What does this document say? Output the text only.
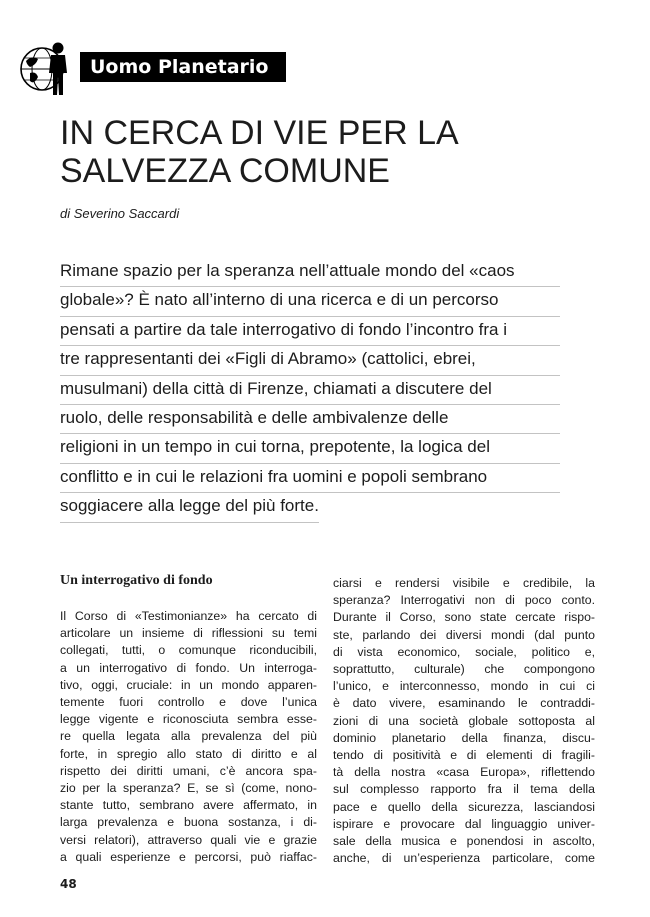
Uomo Planetario
IN CERCA DI VIE PER LA
SALVEZZA COMUNE
di Severino Saccardi
Rimane spazio per la speranza nell’attuale mondo del «caos
globale»? È nato all’interno di una ricerca e di un percorso
pensati a partire da tale interrogativo di fondo l’incontro fra i
tre rappresentanti dei «Figli di Abramo» (cattolici, ebrei,
musulmani) della città di Firenze, chiamati a discutere del
ruolo, delle responsabilità e delle ambivalenze delle
religioni in un tempo in cui torna, prepotente, la logica del
conflitto e in cui le relazioni fra uomini e popoli sembrano
soggiacere alla legge del più forte.
Un interrogativo di fondo
Il Corso di «Testimonianze» ha cercato di
articolare un insieme di riflessioni su temi
collegati, tutti, o comunque riconducibili,
a un interrogativo di fondo. Un interroga-
tivo, oggi, cruciale: in un mondo apparen-
temente fuori controllo e dove l’unica
legge vigente e riconosciuta sembra esse-
re quella legata alla prevalenza del più
forte, in spregio allo stato di diritto e al
rispetto dei diritti umani, c’è ancora spa-
zio per la speranza? E, se sì (come, nono-
stante tutto, sembrano avere affermato, in
larga prevalenza e buona sostanza, i di-
versi relatori), attraverso quali vie e grazie
a quali esperienze e percorsi, può riaffac-
ciarsi e rendersi visibile e credibile, la
speranza? Interrogativi non di poco conto.
Durante il Corso, sono state cercate rispo-
ste, parlando dei diversi mondi (dal punto
di vista economico, sociale, politico e,
soprattutto, culturale) che compongono
l’unico, e interconnesso, mondo in cui ci
è dato vivere, esaminando le contraddi-
zioni di una società globale sottoposta al
dominio planetario della finanza, discu-
tendo di positività e di elementi di fragili-
tà della nostra «casa Europa», riflettendo
sul complesso rapporto fra il tema della
pace e quello della sicurezza, lasciandosi
ispirare e provocare dal linguaggio univer-
sale della musica e ponendosi in ascolto,
anche, di un’esperienza particolare, come
48
